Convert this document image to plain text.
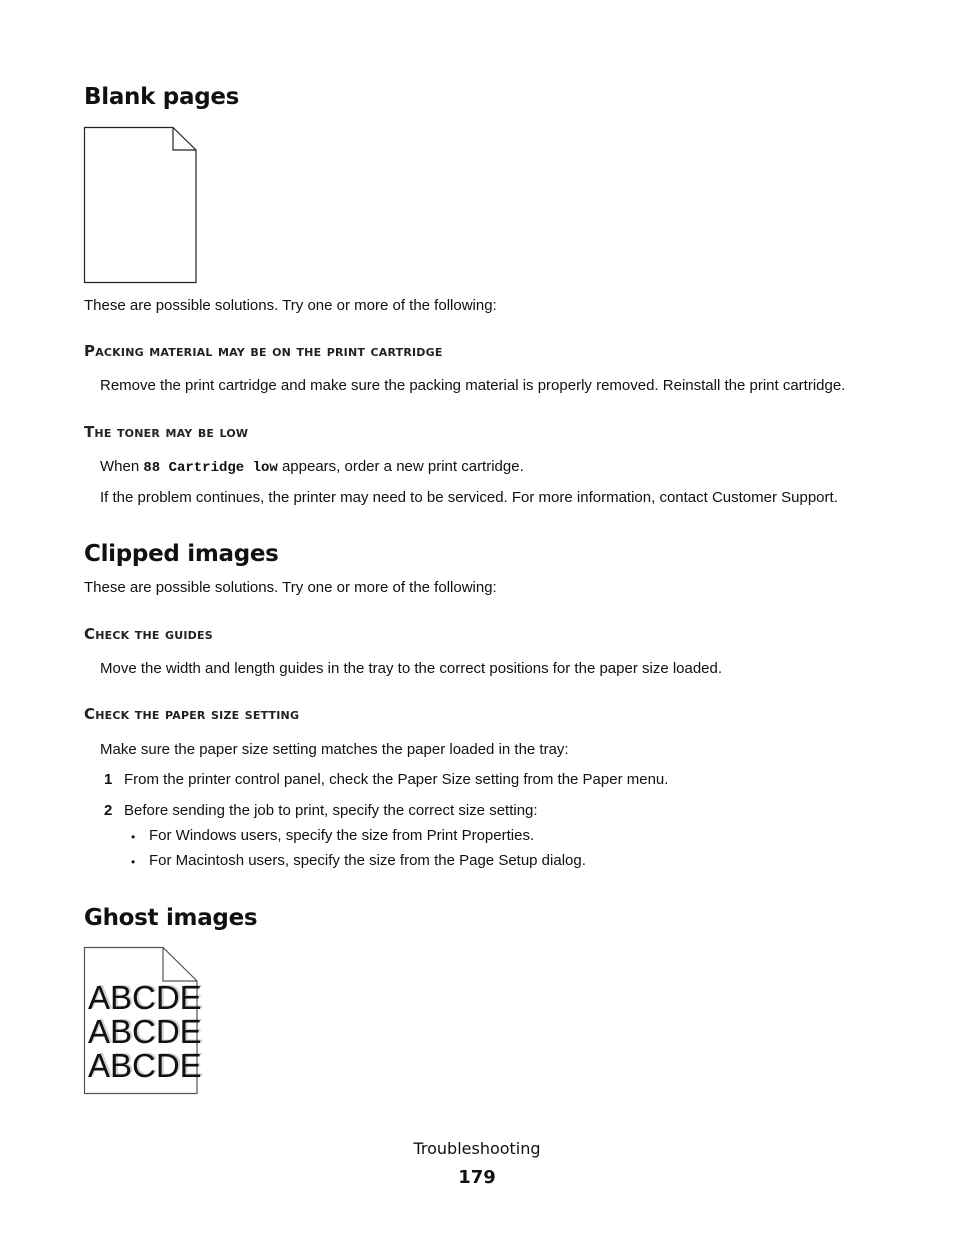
Blank pages
These are possible solutions. Try one or more of the following:
Packing material may be on the print cartridge
Remove the print cartridge and make sure the packing material is properly removed. Reinstall the print cartridge.
The toner may be low
When 88 Cartridge low appears, order a new print cartridge.
If the problem continues, the printer may need to be serviced. For more information, contact Customer Support.
Clipped images
These are possible solutions. Try one or more of the following:
Check the guides
Move the width and length guides in the tray to the correct positions for the paper size loaded.
Check the paper size setting
Make sure the paper size setting matches the paper loaded in the tray:
1 From the printer control panel, check the Paper Size setting from the Paper menu.
2 Before sending the job to print, specify the correct size setting:
• For Windows users, specify the size from Print Properties.
• For Macintosh users, specify the size from the Page Setup dialog.
Ghost images
ABCDE
ABCDE
ABCDE
Troubleshooting
179
